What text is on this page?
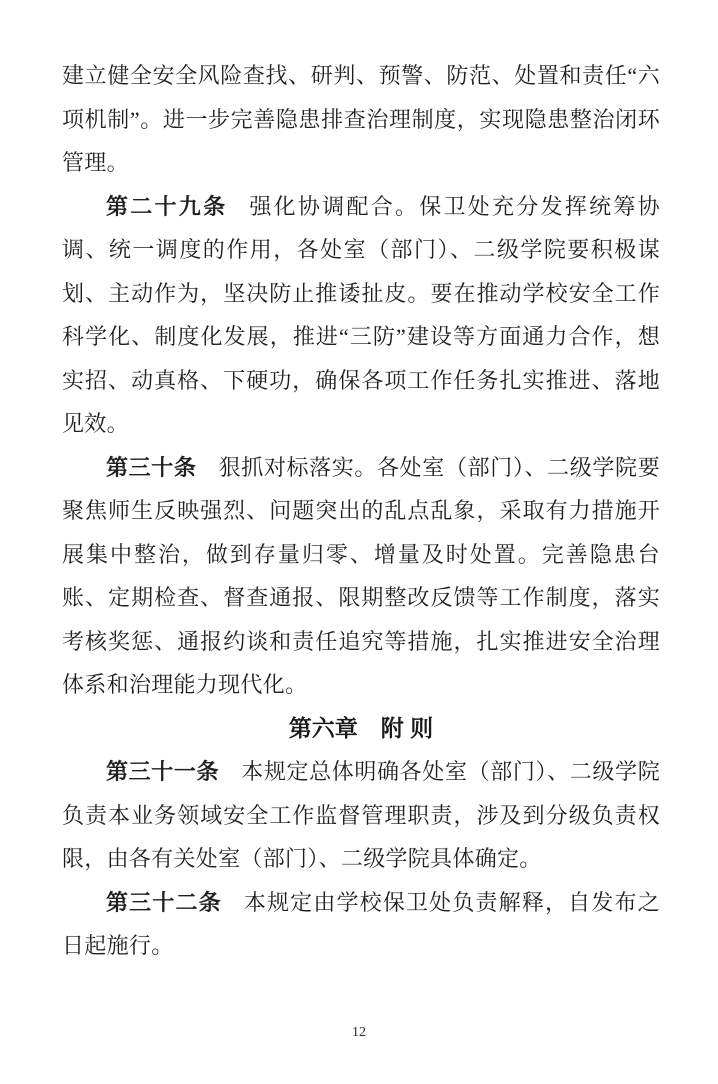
建立健全安全风险查找、研判、预警、防范、处置和责任“六项机制”。进一步完善隐患排查治理制度，实现隐患整治闭环管理。

第二十九条 强化协调配合。保卫处充分发挥统筹协调、统一调度的作用，各处室（部门）、二级学院要积极谋划、主动作为，坚决防止推诿扯皮。要在推动学校安全工作科学化、制度化发展，推进“三防”建设等方面通力合作，想实招、动真格、下硬功，确保各项工作任务扎实推进、落地见效。

第三十条 狠抓对标落实。各处室（部门）、二级学院要聚焦师生反映强烈、问题突出的乱点乱象，采取有力措施开展集中整治，做到存量归零、增量及时处置。完善隐患台账、定期检查、督查通报、限期整改反馈等工作制度，落实考核奖惩、通报约谈和责任追究等措施，扎实推进安全治理体系和治理能力现代化。

第六章　附 则

第三十一条 本规定总体明确各处室（部门）、二级学院负责本业务领域安全工作监督管理职责，涉及到分级负责权限，由各有关处室（部门）、二级学院具体确定。

第三十二条 本规定由学校保卫处负责解释，自发布之日起施行。

12
